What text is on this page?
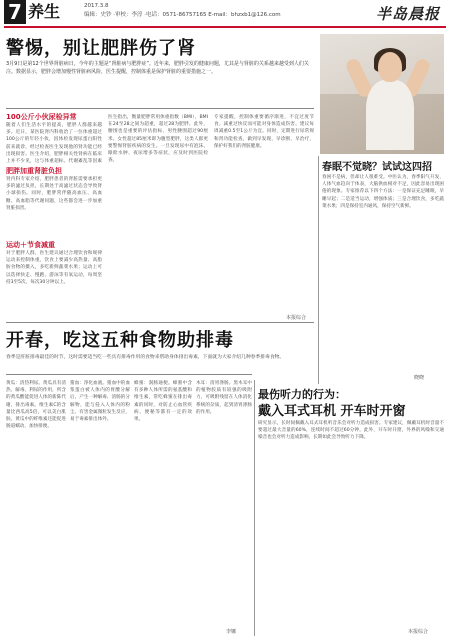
7 养生	2017.3.8
编辑：史钞 ·审校：李淳 ·电话：0571-86757165 E-mail：bhzxb1@126.com	半岛晨报
警惕，别让肥胖伤了肾
3月9日是第12个世界肾脏病日，今年的主题是“肾脏病与肥胖症”。近年来，肥胖引发的健康问题，尤其是与肾脏的关系越来越受到人们关注。数据显示，肥胖会增加慢性肾脏病风险，医生提醒，控制体重是保护肾脏的重要措施之一。
100公斤小伙尿检异常
随着人们生活水平的提高，肥胖人群越来越多。近日，某医院肾内科收治了一位体重超过100公斤的年轻小伙，因体检发现尿蛋白阳性前来就诊，经过检查医生发现他的肾功能已经出现损害。医生介绍，肥胖相关性肾病在临床上并不少见，这与体重超标、代谢紊乱等因素
肥胖加重肾脏负担
肾内科专家介绍，肥胖患者的肾脏需要承担更多的滤过负担，长期处于高滤过状态会导致肾小球损伤。同时，肥胖常伴随高血压、高血糖、高血脂等代谢问题，这些都会进一步加重肾脏损害。
运动＋节食减重
对于肥胖人群，医生建议通过合理饮食和规律运动来控制体重。饮食上要减少高热量、高脂肪食物的摄入，多吃新鲜蔬菜水果；运动上可以选择快走、慢跑、游泳等有氧运动，每周坚持3至5次，每次30分钟以上。
医生指出，衡量肥胖常用体重指数（BMI），BMI在24至28之间为超重，超过28为肥胖。此外，腰围也是重要的评估指标，男性腰围超过90厘米、女性超过85厘米即为腹型肥胖，这类人群更要警惕肾脏疾病的发生。一旦发现尿中有泡沫、眼睑水肿、夜尿增多等症状，应及时到医院检查。
专家提醒，控制体重要循序渐进，不宜过度节食。减重过快反而可能对身体造成伤害。建议每周减重0.5至1公斤为宜。同时，定期进行尿常规和肾功能检查，做到早发现、早诊断、早治疗，保护好我们的肾脏健康。
本报综合
春眠不觉晓？试试这四招
春困不是病，但却让人很难受。中医认为，春季阳气升发，人体气血趋向于体表，大脑供血相对不足，因此容易出现困倦的现象。专家推荐以下四个方法：一是保证充足睡眠，早睡早起；二是适当运动，增强体质；三是合理饮食，多吃蔬菜水果；四是保持室内通风，保持空气新鲜。
晓晓
开春，吃这五种食物助排毒
春季是肝脏排毒最佳的时节，这时需要适当吃一些具有排毒作用的食物来帮助身体排出毒素，下面就为大家介绍几种春季排毒食物。
黄瓜：清热利尿。黄瓜具有清热、解毒、利尿的作用，所含的黄瓜酸能促进人体的新陈代谢，排出毒素。维生素C的含量比西瓜高5倍，可以美白肌肤。黄瓜中的纤维素还能促进肠道蠕动，加快排便。
猪血：净化血液。猪血中的血浆蛋白被人体内的胃酸分解后，产生一种解毒、清肠的分解物，能与侵入人体内的粉尘、有害金属微粒发生反应，易于毒素排出体外。
蜂蜜：润肠通便。蜂蜜中含有多种人体所需的氨基酸和维生素，常吃蜂蜜在排出毒素的同时，对防止心血管疾病、便秘等都有一定的效果。
木耳：清胃涤肠。黑木耳中的植物胶质有较强的吸附力，可吸附残留在人体消化系统的杂质，起到清胃涤肠的作用。
李娜
最伤听力的行为：
戴入耳式耳机 开车时开窗
研究显示，长时间佩戴入耳式耳机听音乐会对听力造成损害。专家建议，佩戴耳机时音量不要超过最大音量的60%，连续时间不超过60分钟。此外，开车时开窗，外界的风噪和交通噪音也会对听力造成影响，长期如此会导致听力下降。
本报综合
